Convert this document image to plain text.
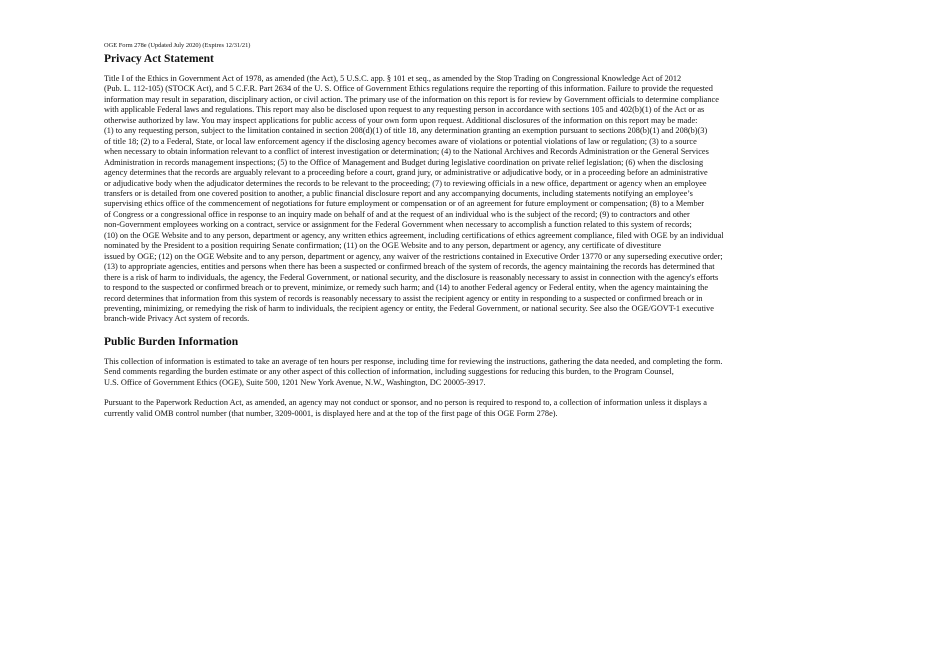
OGE Form 278e (Updated July 2020) (Expires 12/31/21)

Privacy Act Statement

Title I of the Ethics in Government Act of 1978, as amended (the Act), 5 U.S.C. app. § 101 et seq., as amended by the Stop Trading on Congressional Knowledge Act of 2012
(Pub. L. 112-105) (STOCK Act), and 5 C.F.R. Part 2634 of the U. S. Office of Government Ethics regulations require the reporting of this information. Failure to provide the requested
information may result in separation, disciplinary action, or civil action. The primary use of the information on this report is for review by Government officials to determine compliance
with applicable Federal laws and regulations. This report may also be disclosed upon request to any requesting person in accordance with sections 105 and 402(b)(1) of the Act or as
otherwise authorized by law. You may inspect applications for public access of your own form upon request. Additional disclosures of the information on this report may be made:
(1) to any requesting person, subject to the limitation contained in section 208(d)(1) of title 18, any determination granting an exemption pursuant to sections 208(b)(1) and 208(b)(3)
of title 18; (2) to a Federal, State, or local law enforcement agency if the disclosing agency becomes aware of violations or potential violations of law or regulation; (3) to a source
when necessary to obtain information relevant to a conflict of interest investigation or determination; (4) to the National Archives and Records Administration or the General Services
Administration in records management inspections; (5) to the Office of Management and Budget during legislative coordination on private relief legislation; (6) when the disclosing
agency determines that the records are arguably relevant to a proceeding before a court, grand jury, or administrative or adjudicative body, or in a proceeding before an administrative
or adjudicative body when the adjudicator determines the records to be relevant to the proceeding; (7) to reviewing officials in a new office, department or agency when an employee
transfers or is detailed from one covered position to another, a public financial disclosure report and any accompanying documents, including statements notifying an employee’s
supervising ethics office of the commencement of negotiations for future employment or compensation or of an agreement for future employment or compensation; (8) to a Member
of Congress or a congressional office in response to an inquiry made on behalf of and at the request of an individual who is the subject of the record; (9) to contractors and other
non-Government employees working on a contract, service or assignment for the Federal Government when necessary to accomplish a function related to this system of records;
(10) on the OGE Website and to any person, department or agency, any written ethics agreement, including certifications of ethics agreement compliance, filed with OGE by an individual
nominated by the President to a position requiring Senate confirmation; (11) on the OGE Website and to any person, department or agency, any certificate of divestiture
issued by OGE; (12) on the OGE Website and to any person, department or agency, any waiver of the restrictions contained in Executive Order 13770 or any superseding executive order;
(13) to appropriate agencies, entities and persons when there has been a suspected or confirmed breach of the system of records, the agency maintaining the records has determined that
there is a risk of harm to individuals, the agency, the Federal Government, or national security, and the disclosure is reasonably necessary to assist in connection with the agency's efforts
to respond to the suspected or confirmed breach or to prevent, minimize, or remedy such harm; and (14) to another Federal agency or Federal entity, when the agency maintaining the
record determines that information from this system of records is reasonably necessary to assist the recipient agency or entity in responding to a suspected or confirmed breach or in
preventing, minimizing, or remedying the risk of harm to individuals, the recipient agency or entity, the Federal Government, or national security. See also the OGE/GOVT-1 executive
branch-wide Privacy Act system of records.

Public Burden Information

This collection of information is estimated to take an average of ten hours per response, including time for reviewing the instructions, gathering the data needed, and completing the form.
Send comments regarding the burden estimate or any other aspect of this collection of information, including suggestions for reducing this burden, to the Program Counsel,
U.S. Office of Government Ethics (OGE), Suite 500, 1201 New York Avenue, N.W., Washington, DC 20005-3917.

Pursuant to the Paperwork Reduction Act, as amended, an agency may not conduct or sponsor, and no person is required to respond to, a collection of information unless it displays a
currently valid OMB control number (that number, 3209-0001, is displayed here and at the top of the first page of this OGE Form 278e).
